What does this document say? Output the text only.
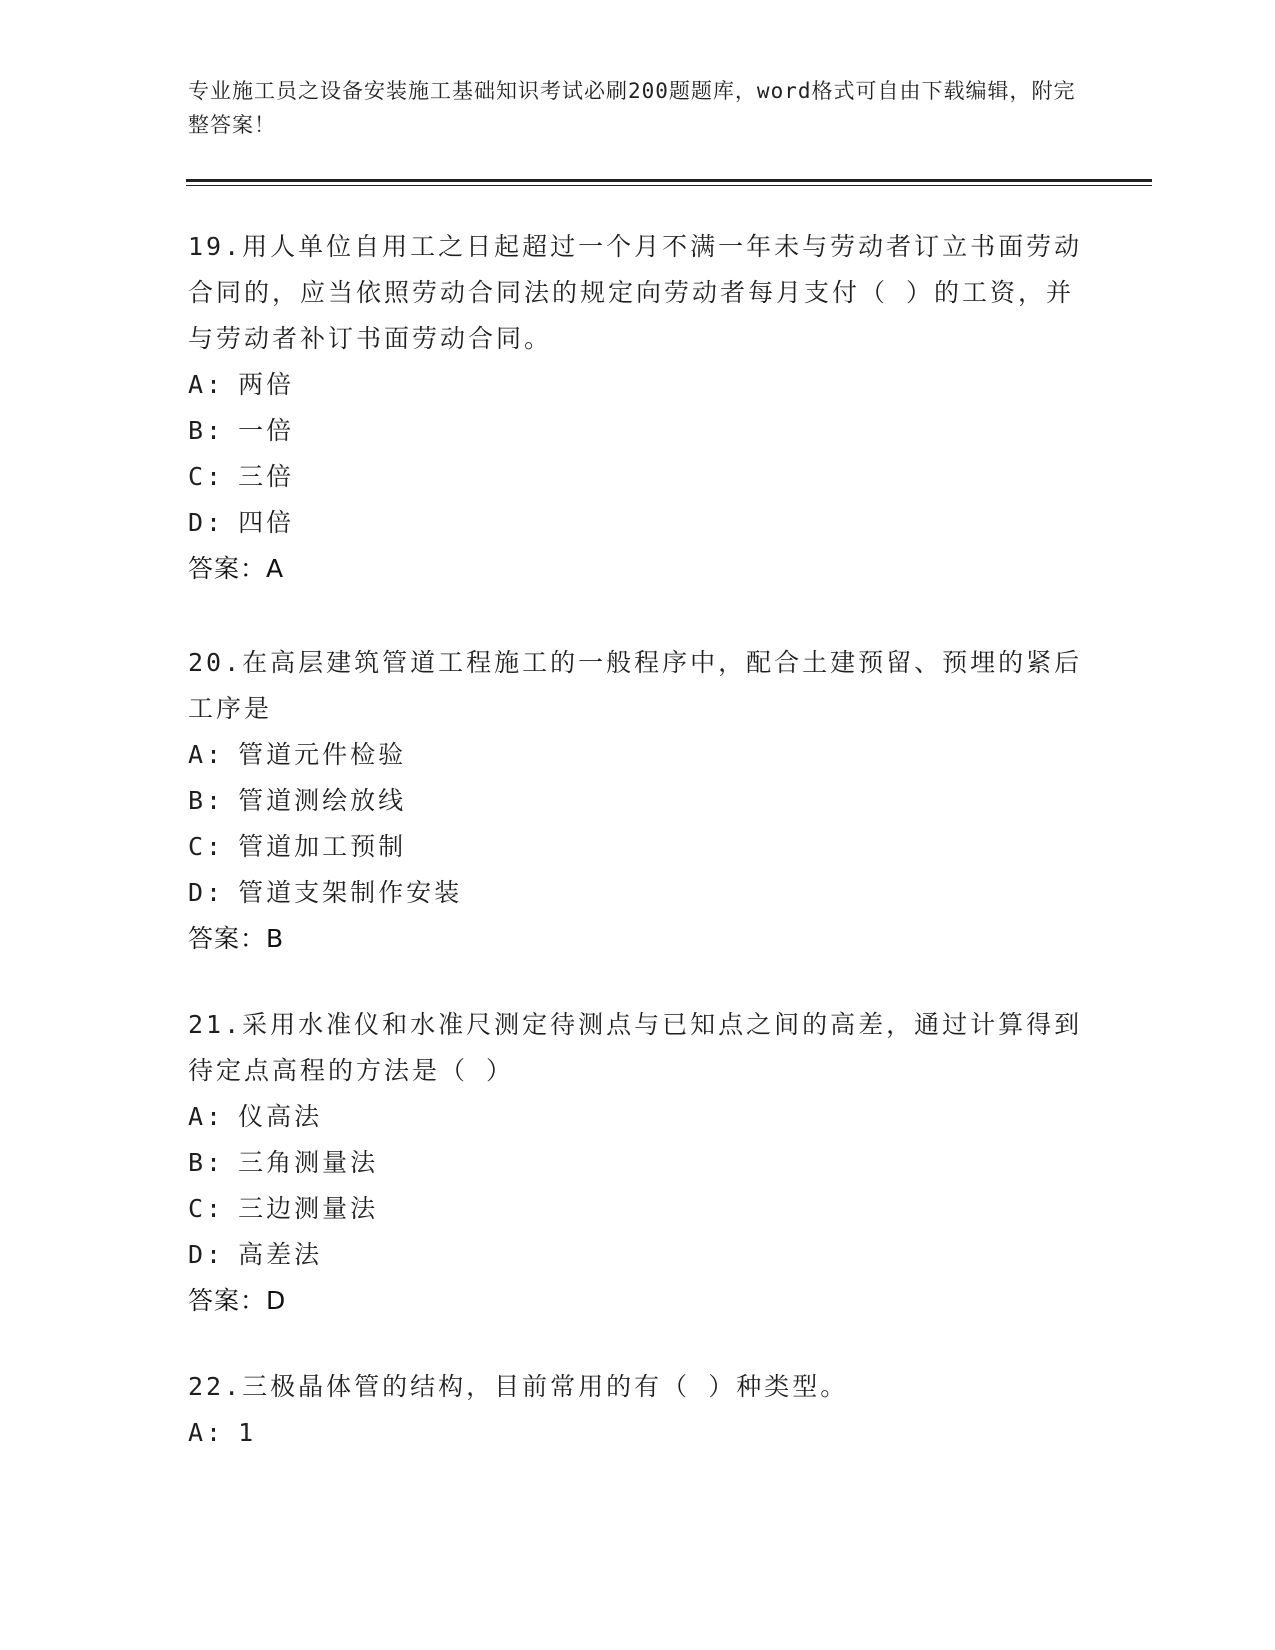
专业施工员之设备安装施工基础知识考试必刷200题题库，word格式可自由下载编辑，附完整答案！
19.用人单位自用工之日起超过一个月不满一年未与劳动者订立书面劳动合同的，应当依照劳动合同法的规定向劳动者每月支付（ ）的工资，并与劳动者补订书面劳动合同。
A: 两倍
B: 一倍
C: 三倍
D: 四倍
答案：A
20.在高层建筑管道工程施工的一般程序中，配合土建预留、预埋的紧后工序是
A: 管道元件检验
B: 管道测绘放线
C: 管道加工预制
D: 管道支架制作安装
答案：B
21.采用水准仪和水准尺测定待测点与已知点之间的高差，通过计算得到待定点高程的方法是（ ）
A: 仪高法
B: 三角测量法
C: 三边测量法
D: 高差法
答案：D
22.三极晶体管的结构，目前常用的有（ ）种类型。
A: 1
